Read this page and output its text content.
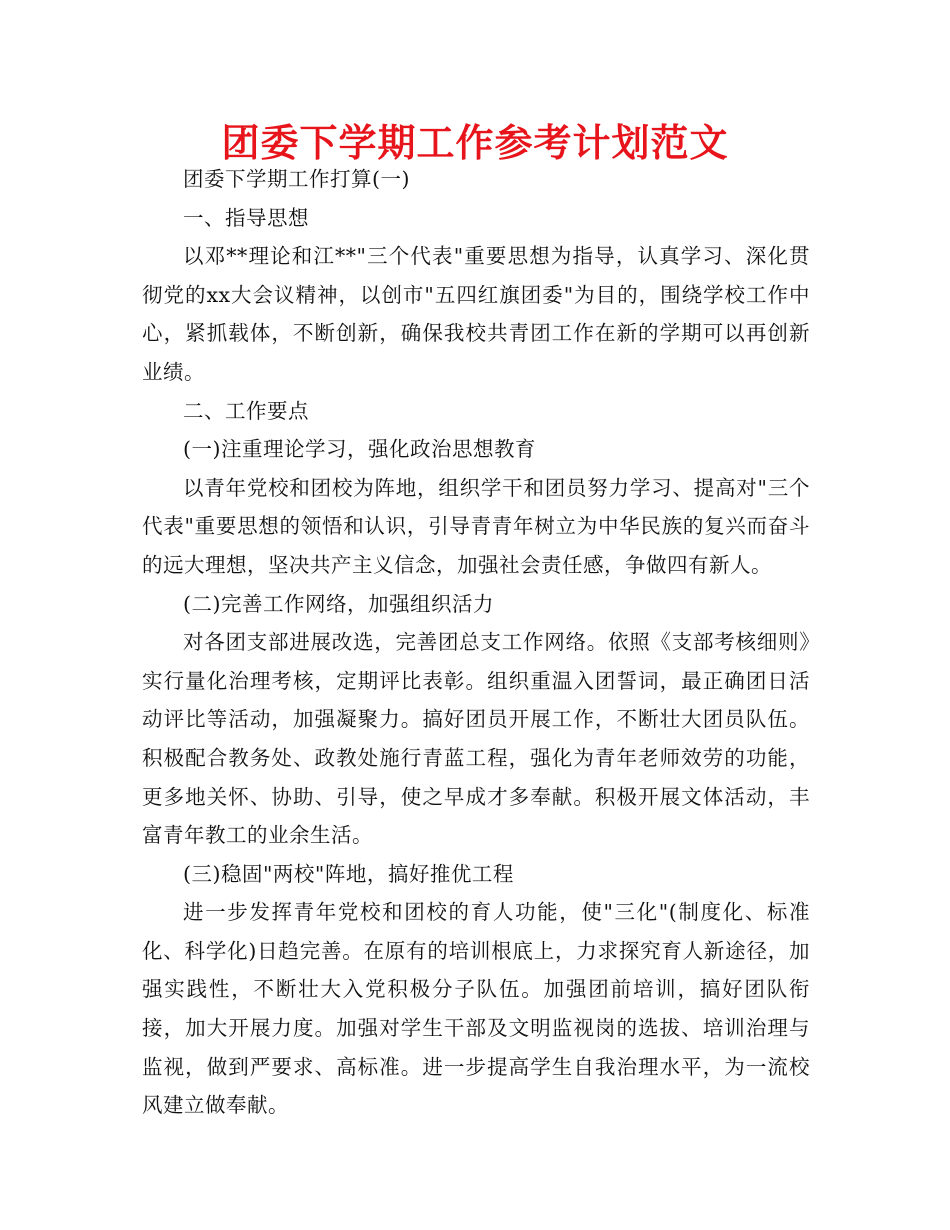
团委下学期工作参考计划范文

团委下学期工作打算(一)

一、指导思想

以邓**理论和江**"三个代表"重要思想为指导，认真学习、深化贯彻党的xx大会议精神，以创市"五四红旗团委"为目的，围绕学校工作中心，紧抓载体，不断创新，确保我校共青团工作在新的学期可以再创新业绩。

二、工作要点

(一)注重理论学习，强化政治思想教育

以青年党校和团校为阵地，组织学干和团员努力学习、提高对"三个代表"重要思想的领悟和认识，引导青青年树立为中华民族的复兴而奋斗的远大理想，坚决共产主义信念，加强社会责任感，争做四有新人。

(二)完善工作网络，加强组织活力

对各团支部进展改选，完善团总支工作网络。依照《支部考核细则》实行量化治理考核，定期评比表彰。组织重温入团誓词，最正确团日活动评比等活动，加强凝聚力。搞好团员开展工作，不断壮大团员队伍。积极配合教务处、政教处施行青蓝工程，强化为青年老师效劳的功能，更多地关怀、协助、引导，使之早成才多奉献。积极开展文体活动，丰富青年教工的业余生活。

(三)稳固"两校"阵地，搞好推优工程

进一步发挥青年党校和团校的育人功能，使"三化"(制度化、标准化、科学化)日趋完善。在原有的培训根底上，力求探究育人新途径，加强实践性，不断壮大入党积极分子队伍。加强团前培训，搞好团队衔接，加大开展力度。加强对学生干部及文明监视岗的选拔、培训治理与监视，做到严要求、高标准。进一步提高学生自我治理水平，为一流校风建立做奉献。
